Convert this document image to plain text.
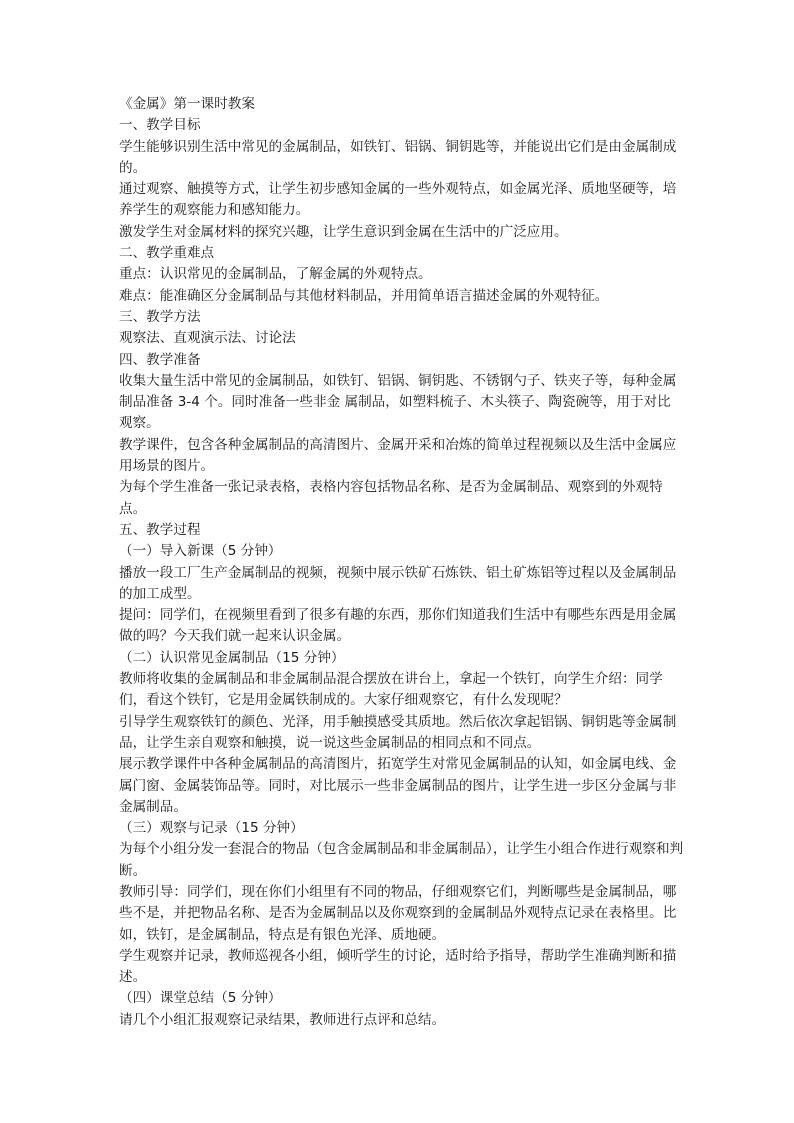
《金属》第一课时教案

一、教学目标

学生能够识别生活中常见的金属制品，如铁钉、铝锅、铜钥匙等，并能说出它们是由金属制成的。

通过观察、触摸等方式，让学生初步感知金属的一些外观特点，如金属光泽、质地坚硬等，培养学生的观察能力和感知能力。

激发学生对金属材料的探究兴趣，让学生意识到金属在生活中的广泛应用。

二、教学重难点

重点：认识常见的金属制品，了解金属的外观特点。

难点：能准确区分金属制品与其他材料制品，并用简单语言描述金属的外观特征。

三、教学方法

观察法、直观演示法、讨论法

四、教学准备

收集大量生活中常见的金属制品，如铁钉、铝锅、铜钥匙、不锈钢勺子、铁夹子等，每种金属制品准备 3-4 个。同时准备一些非金 属制品，如塑料梳子、木头筷子、陶瓷碗等，用于对比观察。

教学课件，包含各种金属制品的高清图片、金属开采和冶炼的简单过程视频以及生活中金属应用场景的图片。

为每个学生准备一张记录表格，表格内容包括物品名称、是否为金属制品、观察到的外观特点。

五、教学过程

（一）导入新课（5 分钟）

播放一段工厂生产金属制品的视频，视频中展示铁矿石炼铁、铝土矿炼铝等过程以及金属制品的加工成型。

提问：同学们，在视频里看到了很多有趣的东西，那你们知道我们生活中有哪些东西是用金属做的吗？今天我们就一起来认识金属。

（二）认识常见金属制品（15 分钟）

教师将收集的金属制品和非金属制品混合摆放在讲台上，拿起一个铁钉，向学生介绍：同学们，看这个铁钉，它是用金属铁制成的。大家仔细观察它，有什么发现呢？

引导学生观察铁钉的颜色、光泽，用手触摸感受其质地。然后依次拿起铝锅、铜钥匙等金属制品，让学生亲自观察和触摸，说一说这些金属制品的相同点和不同点。

展示教学课件中各种金属制品的高清图片，拓宽学生对常见金属制品的认知，如金属电线、金属门窗、金属装饰品等。同时，对比展示一些非金属制品的图片，让学生进一步区分金属与非金属制品。

（三）观察与记录（15 分钟）

为每个小组分发一套混合的物品（包含金属制品和非金属制品），让学生小组合作进行观察和判断。

教师引导：同学们，现在你们小组里有不同的物品，仔细观察它们，判断哪些是金属制品，哪些不是，并把物品名称、是否为金属制品以及你观察到的金属制品外观特点记录在表格里。比如，铁钉，是金属制品，特点是有银色光泽、质地硬。

学生观察并记录，教师巡视各小组，倾听学生的讨论，适时给予指导，帮助学生准确判断和描述。

（四）课堂总结（5 分钟）

请几个小组汇报观察记录结果，教师进行点评和总结。
